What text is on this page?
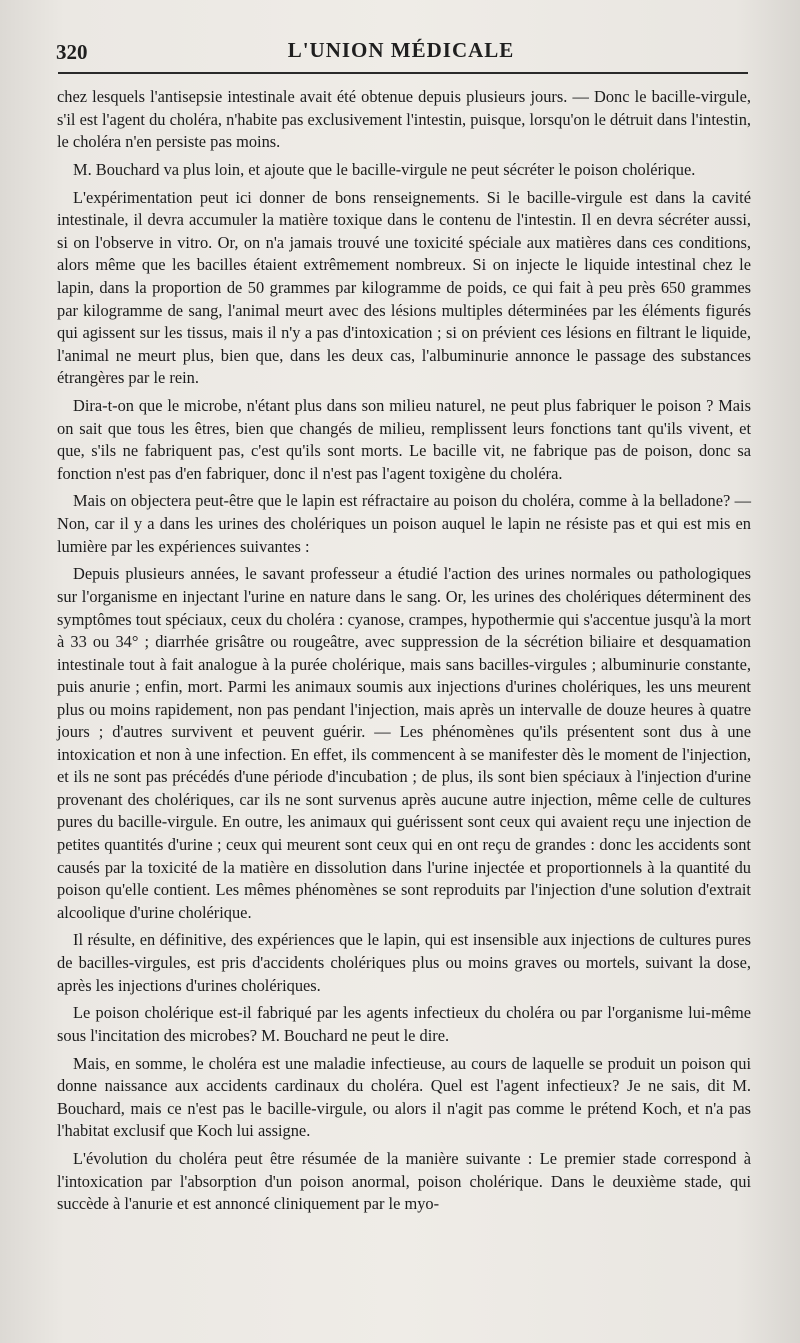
320	L'UNION MÉDICALE

chez lesquels l'antisepsie intestinale avait été obtenue depuis plusieurs jours. — Donc le bacille-virgule, s'il est l'agent du choléra, n'habite pas exclusivement l'intestin, puisque, lorsqu'on le détruit dans l'intestin, le choléra n'en persiste pas moins.

M. Bouchard va plus loin, et ajoute que le bacille-virgule ne peut sécréter le poison cholérique.

L'expérimentation peut ici donner de bons renseignements. Si le bacille-virgule est dans la cavité intestinale, il devra accumuler la matière toxique dans le contenu de l'intestin. Il en devra sécréter aussi, si on l'observe in vitro. Or, on n'a jamais trouvé une toxicité spéciale aux matières dans ces conditions, alors même que les bacilles étaient extrêmement nombreux. Si on injecte le liquide intestinal chez le lapin, dans la proportion de 50 grammes par kilogramme de poids, ce qui fait à peu près 650 grammes par kilogramme de sang, l'animal meurt avec des lésions multiples déterminées par les éléments figurés qui agissent sur les tissus, mais il n'y a pas d'intoxication ; si on prévient ces lésions en filtrant le liquide, l'animal ne meurt plus, bien que, dans les deux cas, l'albuminurie annonce le passage des substances étrangères par le rein.

Dira-t-on que le microbe, n'étant plus dans son milieu naturel, ne peut plus fabriquer le poison ? Mais on sait que tous les êtres, bien que changés de milieu, remplissent leurs fonctions tant qu'ils vivent, et que, s'ils ne fabriquent pas, c'est qu'ils sont morts. Le bacille vit, ne fabrique pas de poison, donc sa fonction n'est pas d'en fabriquer, donc il n'est pas l'agent toxigène du choléra.

Mais on objectera peut-être que le lapin est réfractaire au poison du choléra, comme à la belladone? — Non, car il y a dans les urines des cholériques un poison auquel le lapin ne résiste pas et qui est mis en lumière par les expériences suivantes :

Depuis plusieurs années, le savant professeur a étudié l'action des urines normales ou pathologiques sur l'organisme en injectant l'urine en nature dans le sang. Or, les urines des cholériques déterminent des symptômes tout spéciaux, ceux du choléra : cyanose, crampes, hypothermie qui s'accentue jusqu'à la mort à 33 ou 34° ; diarrhée grisâtre ou rougeâtre, avec suppression de la sécrétion biliaire et desquamation intestinale tout à fait analogue à la purée cholérique, mais sans bacilles-virgules ; albuminurie constante, puis anurie ; enfin, mort. Parmi les animaux soumis aux injections d'urines cholériques, les uns meurent plus ou moins rapidement, non pas pendant l'injection, mais après un intervalle de douze heures à quatre jours ; d'autres survivent et peuvent guérir. — Les phénomènes qu'ils présentent sont dus à une intoxication et non à une infection. En effet, ils commencent à se manifester dès le moment de l'injection, et ils ne sont pas précédés d'une période d'incubation ; de plus, ils sont bien spéciaux à l'injection d'urine provenant des cholériques, car ils ne sont survenus après aucune autre injection, même celle de cultures pures du bacille-virgule. En outre, les animaux qui guérissent sont ceux qui avaient reçu une injection de petites quantités d'urine ; ceux qui meurent sont ceux qui en ont reçu de grandes : donc les accidents sont causés par la toxicité de la matière en dissolution dans l'urine injectée et proportionnels à la quantité du poison qu'elle contient. Les mêmes phénomènes se sont reproduits par l'injection d'une solution d'extrait alcoolique d'urine cholérique.

Il résulte, en définitive, des expériences que le lapin, qui est insensible aux injections de cultures pures de bacilles-virgules, est pris d'accidents cholériques plus ou moins graves ou mortels, suivant la dose, après les injections d'urines cholériques.

Le poison cholérique est-il fabriqué par les agents infectieux du choléra ou par l'organisme lui-même sous l'incitation des microbes? M. Bouchard ne peut le dire.

Mais, en somme, le choléra est une maladie infectieuse, au cours de laquelle se produit un poison qui donne naissance aux accidents cardinaux du choléra. Quel est l'agent infectieux? Je ne sais, dit M. Bouchard, mais ce n'est pas le bacille-virgule, ou alors il n'agit pas comme le prétend Koch, et n'a pas l'habitat exclusif que Koch lui assigne.

L'évolution du choléra peut être résumée de la manière suivante : Le premier stade correspond à l'intoxication par l'absorption d'un poison anormal, poison cholérique. Dans le deuxième stade, qui succède à l'anurie et est annoncé cliniquement par le myo-
